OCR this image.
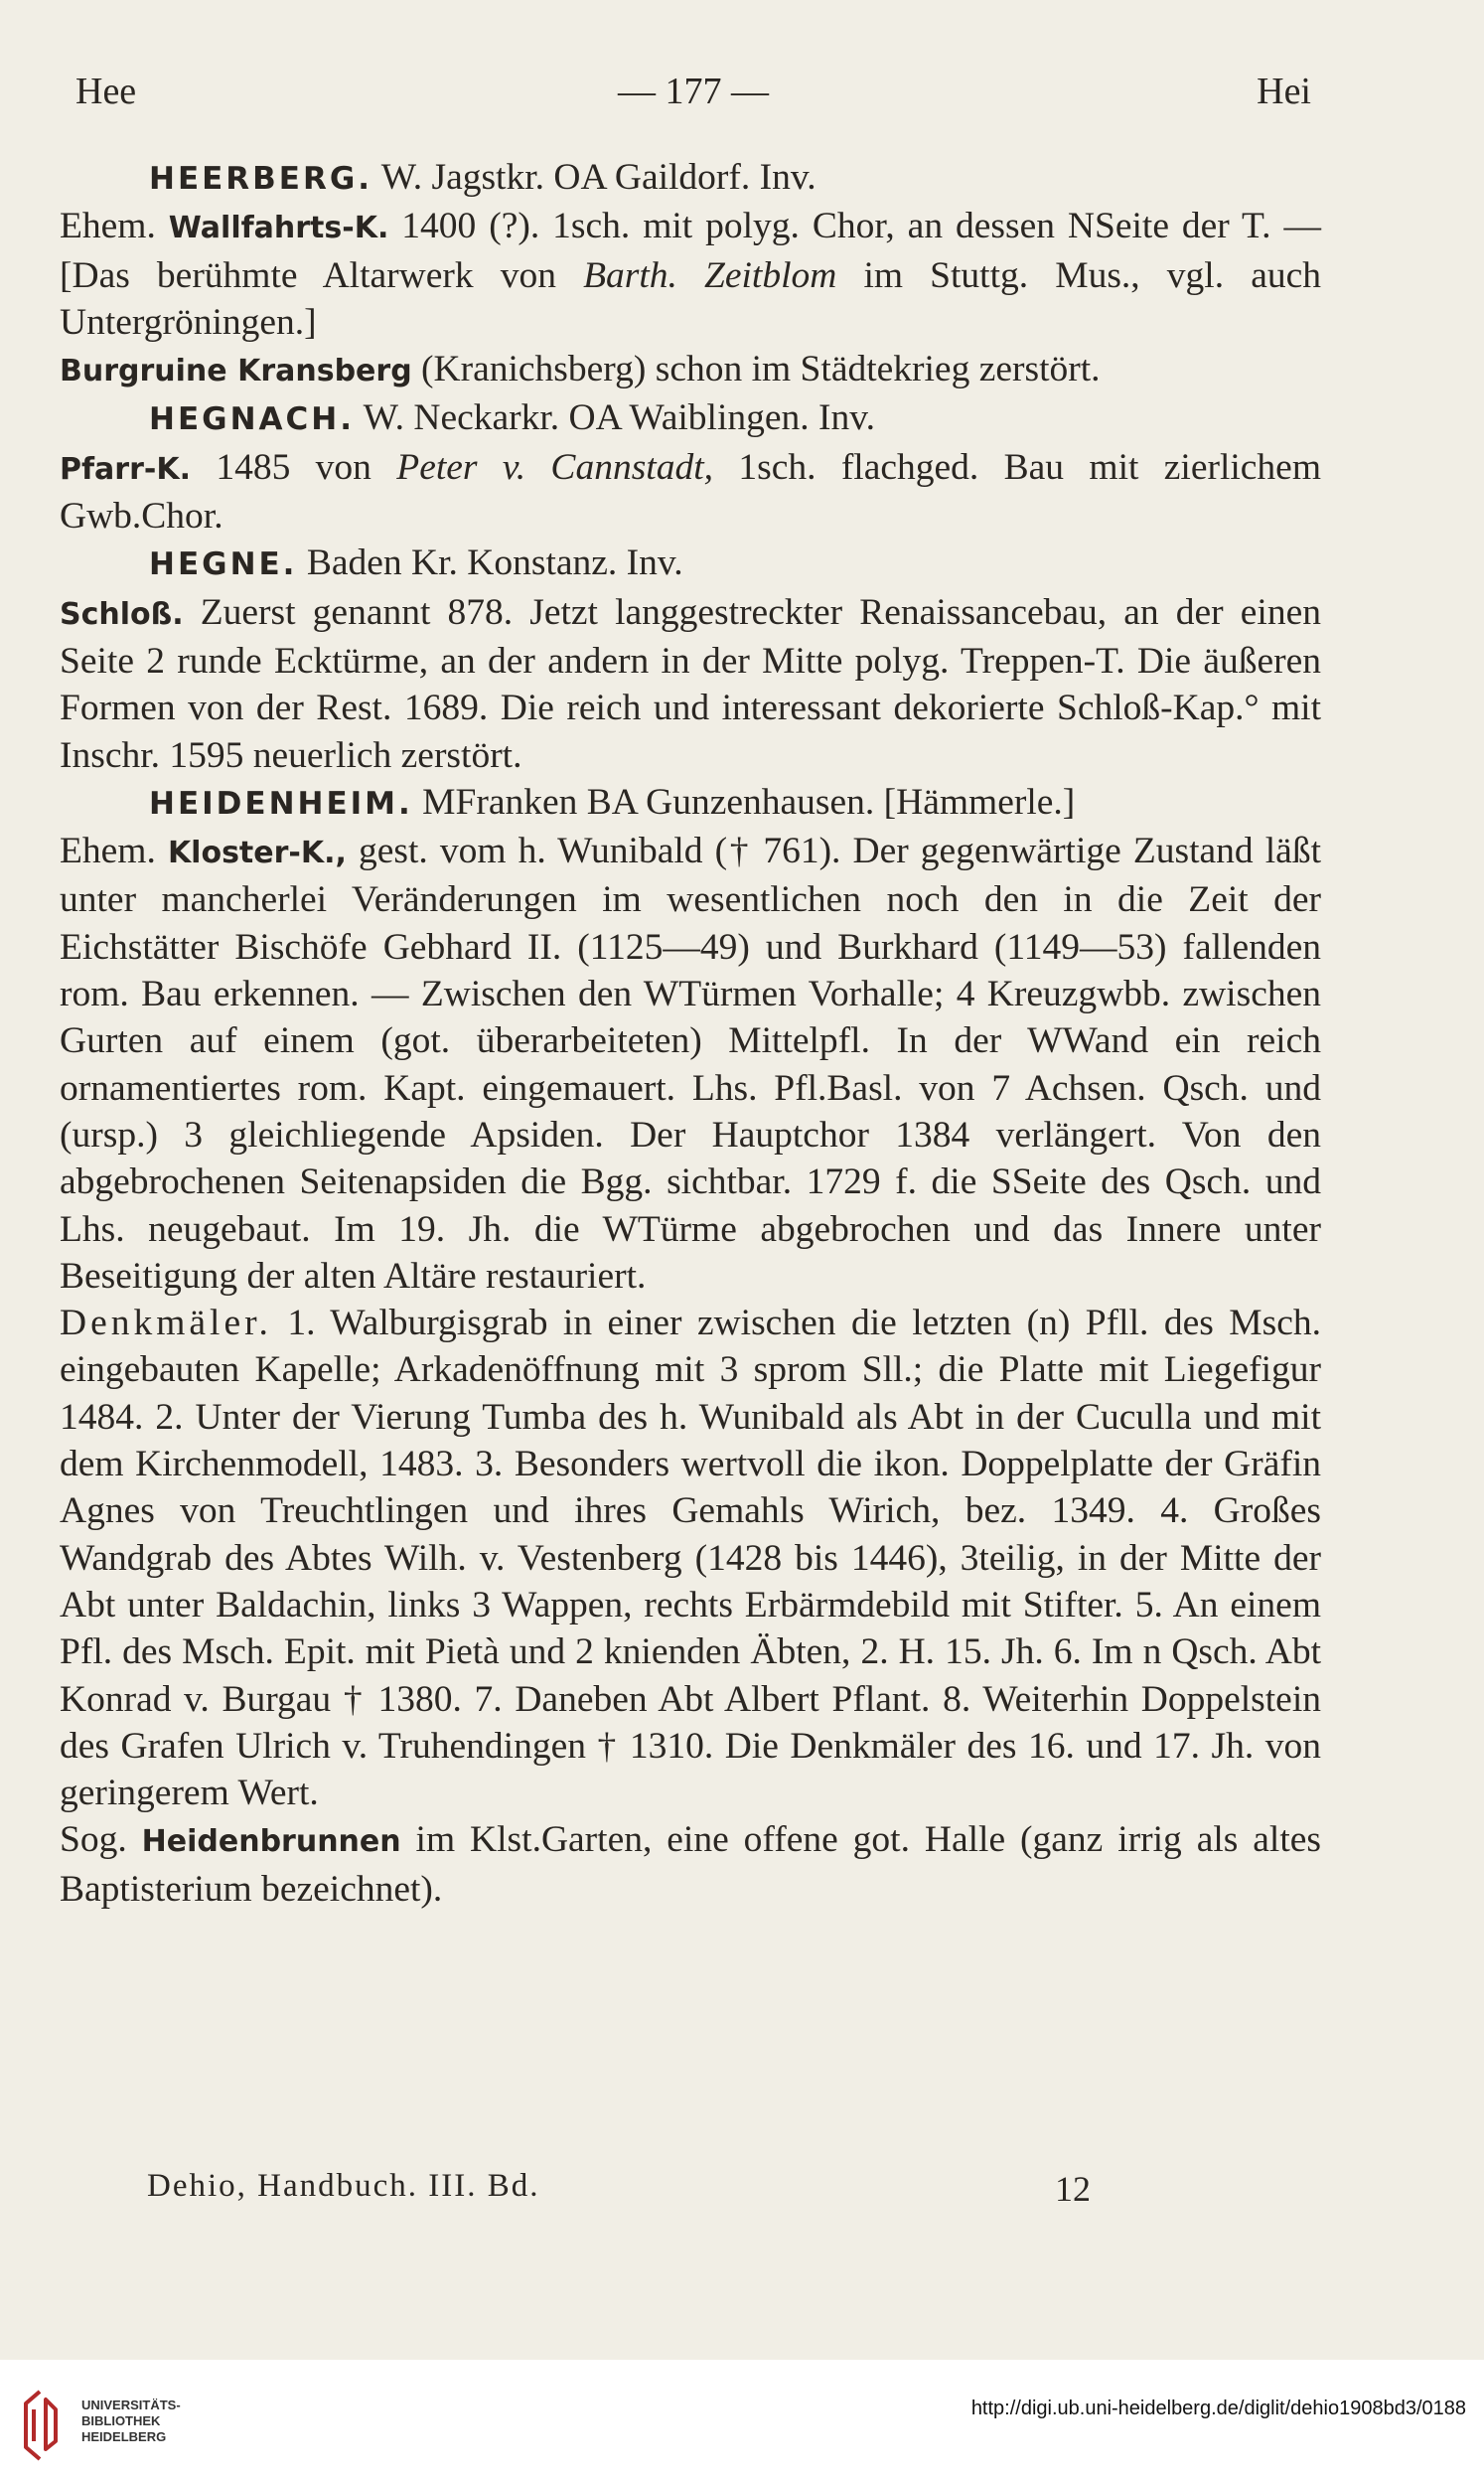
Hee	— 177 —	Hei

HEERBERG. W. Jagstkr. OA Gaildorf. Inv.

Ehem. Wallfahrts-K. 1400 (?). 1sch. mit polyg. Chor, an dessen NSeite der T. — [Das berühmte Altarwerk von Barth. Zeitblom im Stuttg. Mus., vgl. auch Untergröningen.]

Burgruine Kransberg (Kranichsberg) schon im Städtekrieg zerstört.

HEGNACH. W. Neckarkr. OA Waiblingen. Inv.

Pfarr-K. 1485 von Peter v. Cannstadt, 1sch. flachged. Bau mit zierlichem Gwb.Chor.

HEGNE. Baden Kr. Konstanz. Inv.

Schloß. Zuerst genannt 878. Jetzt langgestreckter Renaissancebau, an der einen Seite 2 runde Ecktürme, an der andern in der Mitte polyg. Treppen-T. Die äußeren Formen von der Rest. 1689. Die reich und interessant dekorierte Schloß-Kap.° mit Inschr. 1595 neuerlich zerstört.

HEIDENHEIM. MFranken BA Gunzenhausen. [Hämmerle.]

Ehem. Kloster-K., gest. vom h. Wunibald († 761). Der gegenwärtige Zustand läßt unter mancherlei Veränderungen im wesentlichen noch den in die Zeit der Eichstätter Bischöfe Gebhard II. (1125—49) und Burkhard (1149—53) fallenden rom. Bau erkennen. — Zwischen den WTürmen Vorhalle; 4 Kreuzgwbb. zwischen Gurten auf einem (got. überarbeiteten) Mittelpfl. In der WWand ein reich ornamentiertes rom. Kapt. eingemauert. Lhs. Pfl.Basl. von 7 Achsen. Qsch. und (ursp.) 3 gleichliegende Apsiden. Der Hauptchor 1384 verlängert. Von den abgebrochenen Seitenapsiden die Bgg. sichtbar. 1729 f. die SSeite des Qsch. und Lhs. neugebaut. Im 19. Jh. die WTürme abgebrochen und das Innere unter Beseitigung der alten Altäre restauriert.

Denkmäler. 1. Walburgisgrab in einer zwischen die letzten (n) Pfll. des Msch. eingebauten Kapelle; Arkadenöffnung mit 3 sprom Sll.; die Platte mit Liegefigur 1484. 2. Unter der Vierung Tumba des h. Wunibald als Abt in der Cuculla und mit dem Kirchenmodell, 1483. 3. Besonders wertvoll die ikon. Doppelplatte der Gräfin Agnes von Treuchtlingen und ihres Gemahls Wirich, bez. 1349. 4. Großes Wandgrab des Abtes Wilh. v. Vestenberg (1428 bis 1446), 3teilig, in der Mitte der Abt unter Baldachin, links 3 Wappen, rechts Erbärmdebild mit Stifter. 5. An einem Pfl. des Msch. Epit. mit Pietà und 2 knienden Äbten, 2. H. 15. Jh. 6. Im n Qsch. Abt Konrad v. Burgau † 1380. 7. Daneben Abt Albert Pflant. 8. Weiterhin Doppelstein des Grafen Ulrich v. Truhendingen † 1310. Die Denkmäler des 16. und 17. Jh. von geringerem Wert.

Sog. Heidenbrunnen im Klst.Garten, eine offene got. Halle (ganz irrig als altes Baptisterium bezeichnet).

Dehio, Handbuch. III. Bd.	12
UNIVERSITÄTS-
BIBLIOTHEK
HEIDELBERG
http://digi.ub.uni-heidelberg.de/diglit/dehio1908bd3/0188
